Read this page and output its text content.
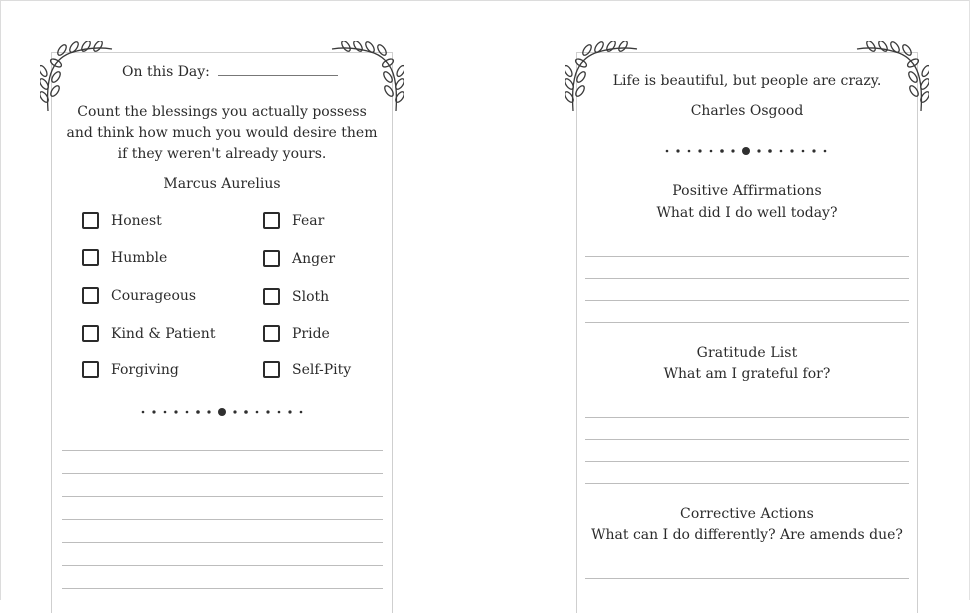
On this Day:
Count the blessings you actually possess and think how much you would desire them if they weren't already yours.
Marcus Aurelius
Honest
Humble
Courageous
Kind & Patient
Forgiving
Fear
Anger
Sloth
Pride
Self-Pity
Life is beautiful, but people are crazy.
Charles Osgood
Positive Affirmations
What did I do well today?
Gratitude List
What am I grateful for?
Corrective Actions
What can I do differently? Are amends due?
